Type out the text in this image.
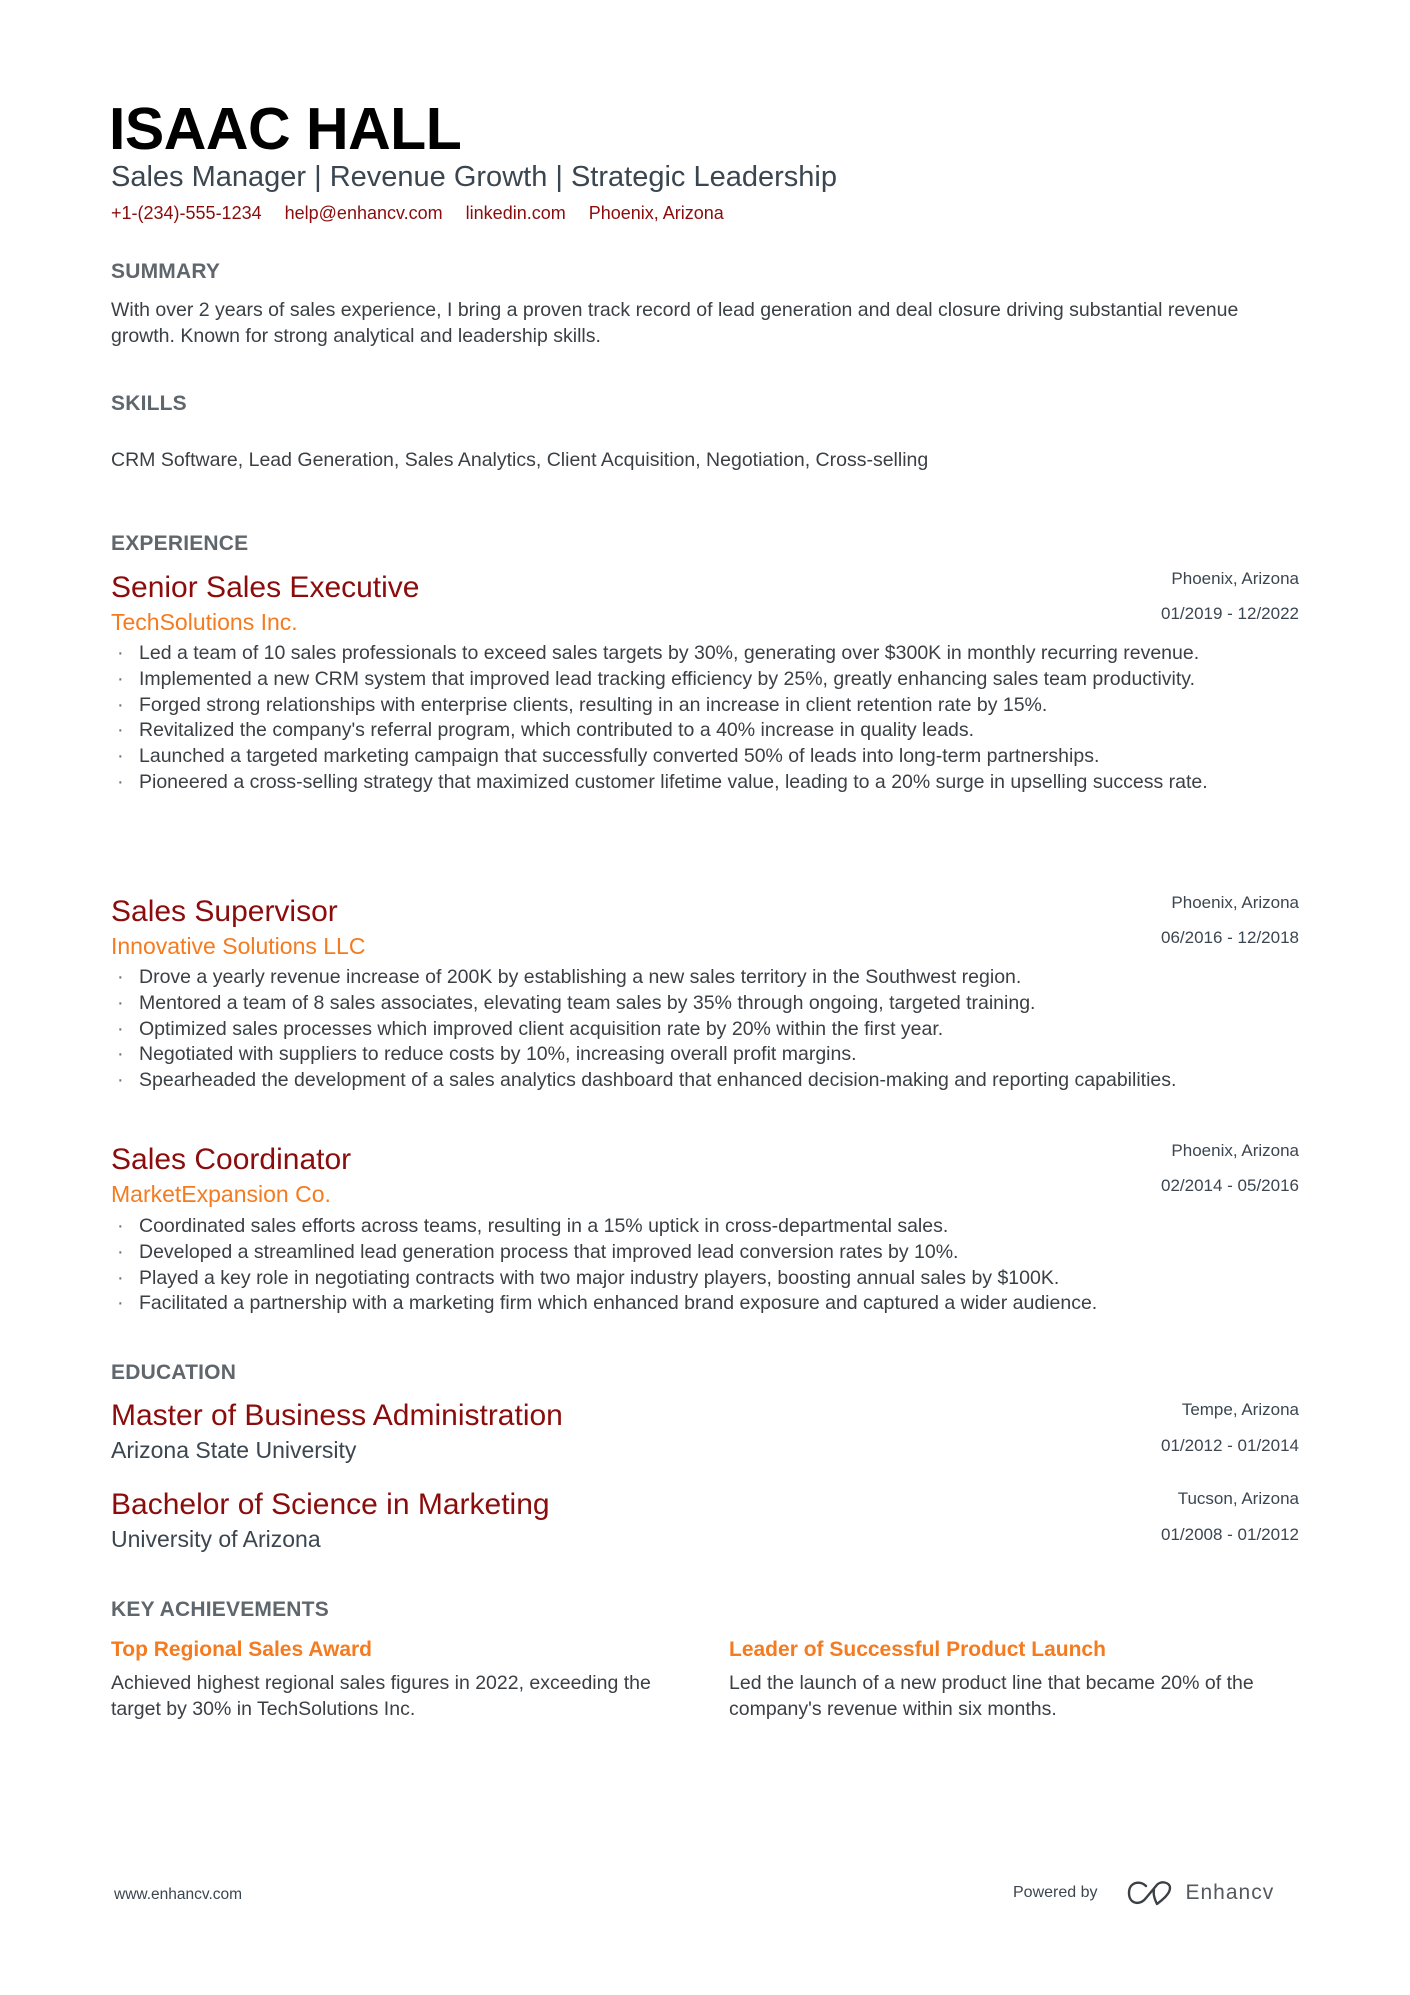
ISAAC HALL
Sales Manager | Revenue Growth | Strategic Leadership
+1-(234)-555-1234 help@enhancv.com linkedin.com Phoenix, Arizona
SUMMARY
With over 2 years of sales experience, I bring a proven track record of lead generation and deal closure driving substantial revenue growth. Known for strong analytical and leadership skills.
SKILLS
CRM Software, Lead Generation, Sales Analytics, Client Acquisition, Negotiation, Cross-selling
EXPERIENCE
Senior Sales Executive
TechSolutions Inc.
Phoenix, Arizona
01/2019 - 12/2022
· Led a team of 10 sales professionals to exceed sales targets by 30%, generating over $300K in monthly recurring revenue.
· Implemented a new CRM system that improved lead tracking efficiency by 25%, greatly enhancing sales team productivity.
· Forged strong relationships with enterprise clients, resulting in an increase in client retention rate by 15%.
· Revitalized the company's referral program, which contributed to a 40% increase in quality leads.
· Launched a targeted marketing campaign that successfully converted 50% of leads into long-term partnerships.
· Pioneered a cross-selling strategy that maximized customer lifetime value, leading to a 20% surge in upselling success rate.
Sales Supervisor
Innovative Solutions LLC
Phoenix, Arizona
06/2016 - 12/2018
· Drove a yearly revenue increase of 200K by establishing a new sales territory in the Southwest region.
· Mentored a team of 8 sales associates, elevating team sales by 35% through ongoing, targeted training.
· Optimized sales processes which improved client acquisition rate by 20% within the first year.
· Negotiated with suppliers to reduce costs by 10%, increasing overall profit margins.
· Spearheaded the development of a sales analytics dashboard that enhanced decision-making and reporting capabilities.
Sales Coordinator
MarketExpansion Co.
Phoenix, Arizona
02/2014 - 05/2016
· Coordinated sales efforts across teams, resulting in a 15% uptick in cross-departmental sales.
· Developed a streamlined lead generation process that improved lead conversion rates by 10%.
· Played a key role in negotiating contracts with two major industry players, boosting annual sales by $100K.
· Facilitated a partnership with a marketing firm which enhanced brand exposure and captured a wider audience.
EDUCATION
Master of Business Administration
Arizona State University
Tempe, Arizona
01/2012 - 01/2014
Bachelor of Science in Marketing
University of Arizona
Tucson, Arizona
01/2008 - 01/2012
KEY ACHIEVEMENTS
Top Regional Sales Award
Achieved highest regional sales figures in 2022, exceeding the target by 30% in TechSolutions Inc.
Leader of Successful Product Launch
Led the launch of a new product line that became 20% of the company's revenue within six months.
www.enhancv.com	Powered by	Enhancv
